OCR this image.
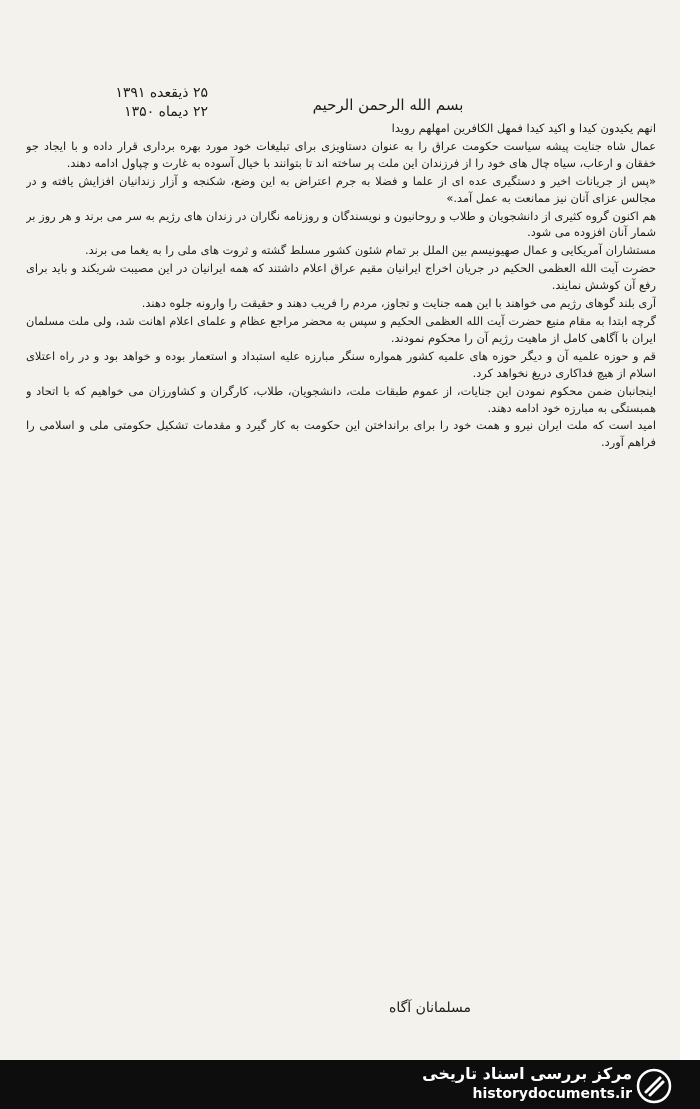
۲۵ ذیقعده ۱۳۹۱
۲۲ دیماه ۱۳۵۰	بسم الله الرحمن الرحیم

انهم یکیدون کیدا و اکید کیدا فمهل الکافرین امهلهم رویدا

عمال شاه جنایت پیشه سیاست حکومت عراق را به عنوان دستاویزی برای تبلیغات خود مورد بهره برداری قرار داده و با ایجاد جو خفقان و ارعاب، سیاه چال های خود را از فرزندان این ملت پر ساخته اند تا بتوانند با خیال آسوده به غارت و چپاول ادامه دهند.

«پس از جریانات اخیر و دستگیری عده ای از علما و فضلا به جرم اعتراض به این وضع، شکنجه و آزار زندانیان افزایش یافته و در مجالس عزای آنان نیز ممانعت به عمل آمد.»

هم اکنون گروه کثیری از دانشجویان و طلاب و روحانیون و نویسندگان و روزنامه نگاران در زندان های رژیم به سر می برند و هر روز بر شمار آنان افزوده می شود.

مستشاران آمریکایی و عمال صهیونیسم بین الملل بر تمام شئون کشور مسلط گشته و ثروت های ملی را به یغما می برند.

حضرت آیت الله العظمی الحکیم در جریان اخراج ایرانیان مقیم عراق اعلام داشتند که همه ایرانیان در این مصیبت شریکند و باید برای رفع آن کوشش نمایند.

آری بلند گوهای رژیم می خواهند با این همه جنایت و تجاوز، مردم را فریب دهند و حقیقت را وارونه جلوه دهند.

گرچه ابتدا به مقام منیع حضرت آیت الله العظمی الحکیم و سپس به محضر مراجع عظام و علمای اعلام اهانت شد، ولی ملت مسلمان ایران با آگاهی کامل از ماهیت رژیم آن را محکوم نمودند.

قم و حوزه علمیه آن و دیگر حوزه های علمیه کشور همواره سنگر مبارزه علیه استبداد و استعمار بوده و خواهد بود و در راه اعتلای اسلام از هیچ فداکاری دریغ نخواهد کرد.

اینجانبان ضمن محکوم نمودن این جنایات، از عموم طبقات ملت، دانشجویان، طلاب، کارگران و کشاورزان می خواهیم که با اتحاد و همبستگی به مبارزه خود ادامه دهند.

امید است که ملت ایران نیرو و همت خود را برای برانداختن این حکومت به کار گیرد و مقدمات تشکیل حکومتی ملی و اسلامی را فراهم آورد.

مسلمانان آگاه
مرکز بررسی اسناد تاریخی
historydocuments.ir
